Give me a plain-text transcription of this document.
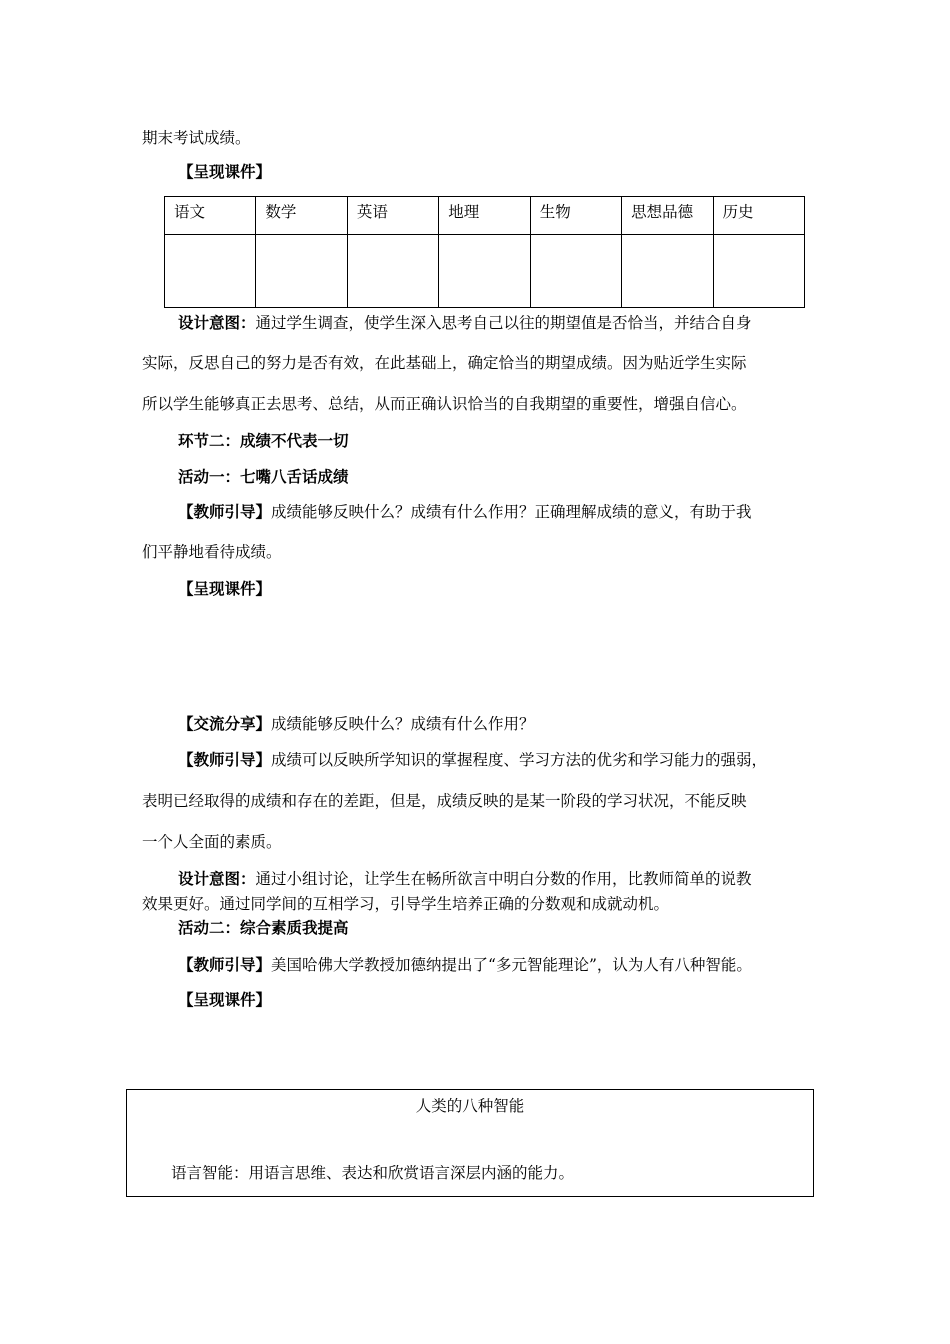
期末考试成绩。
【呈现课件】
语文	数学	英语	地理	生物	思想品德	历史

设计意图：通过学生调查，使学生深入思考自己以往的期望值是否恰当，并结合自身
实际，反思自己的努力是否有效，在此基础上，确定恰当的期望成绩。因为贴近学生实际
所以学生能够真正去思考、总结，从而正确认识恰当的自我期望的重要性，增强自信心。
环节二：成绩不代表一切
活动一：七嘴八舌话成绩
【教师引导】成绩能够反映什么？成绩有什么作用？正确理解成绩的意义，有助于我
们平静地看待成绩。
【呈现课件】
【交流分享】成绩能够反映什么？成绩有什么作用？
【教师引导】成绩可以反映所学知识的掌握程度、学习方法的优劣和学习能力的强弱，
表明已经取得的成绩和存在的差距，但是，成绩反映的是某一阶段的学习状况，不能反映
一个人全面的素质。
设计意图：通过小组讨论，让学生在畅所欲言中明白分数的作用，比教师简单的说教
效果更好。通过同学间的互相学习，引导学生培养正确的分数观和成就动机。
活动二：综合素质我提高
【教师引导】美国哈佛大学教授加德纳提出了“多元智能理论”，认为人有八种智能。
【呈现课件】
人类的八种智能
语言智能：用语言思维、表达和欣赏语言深层内涵的能力。
